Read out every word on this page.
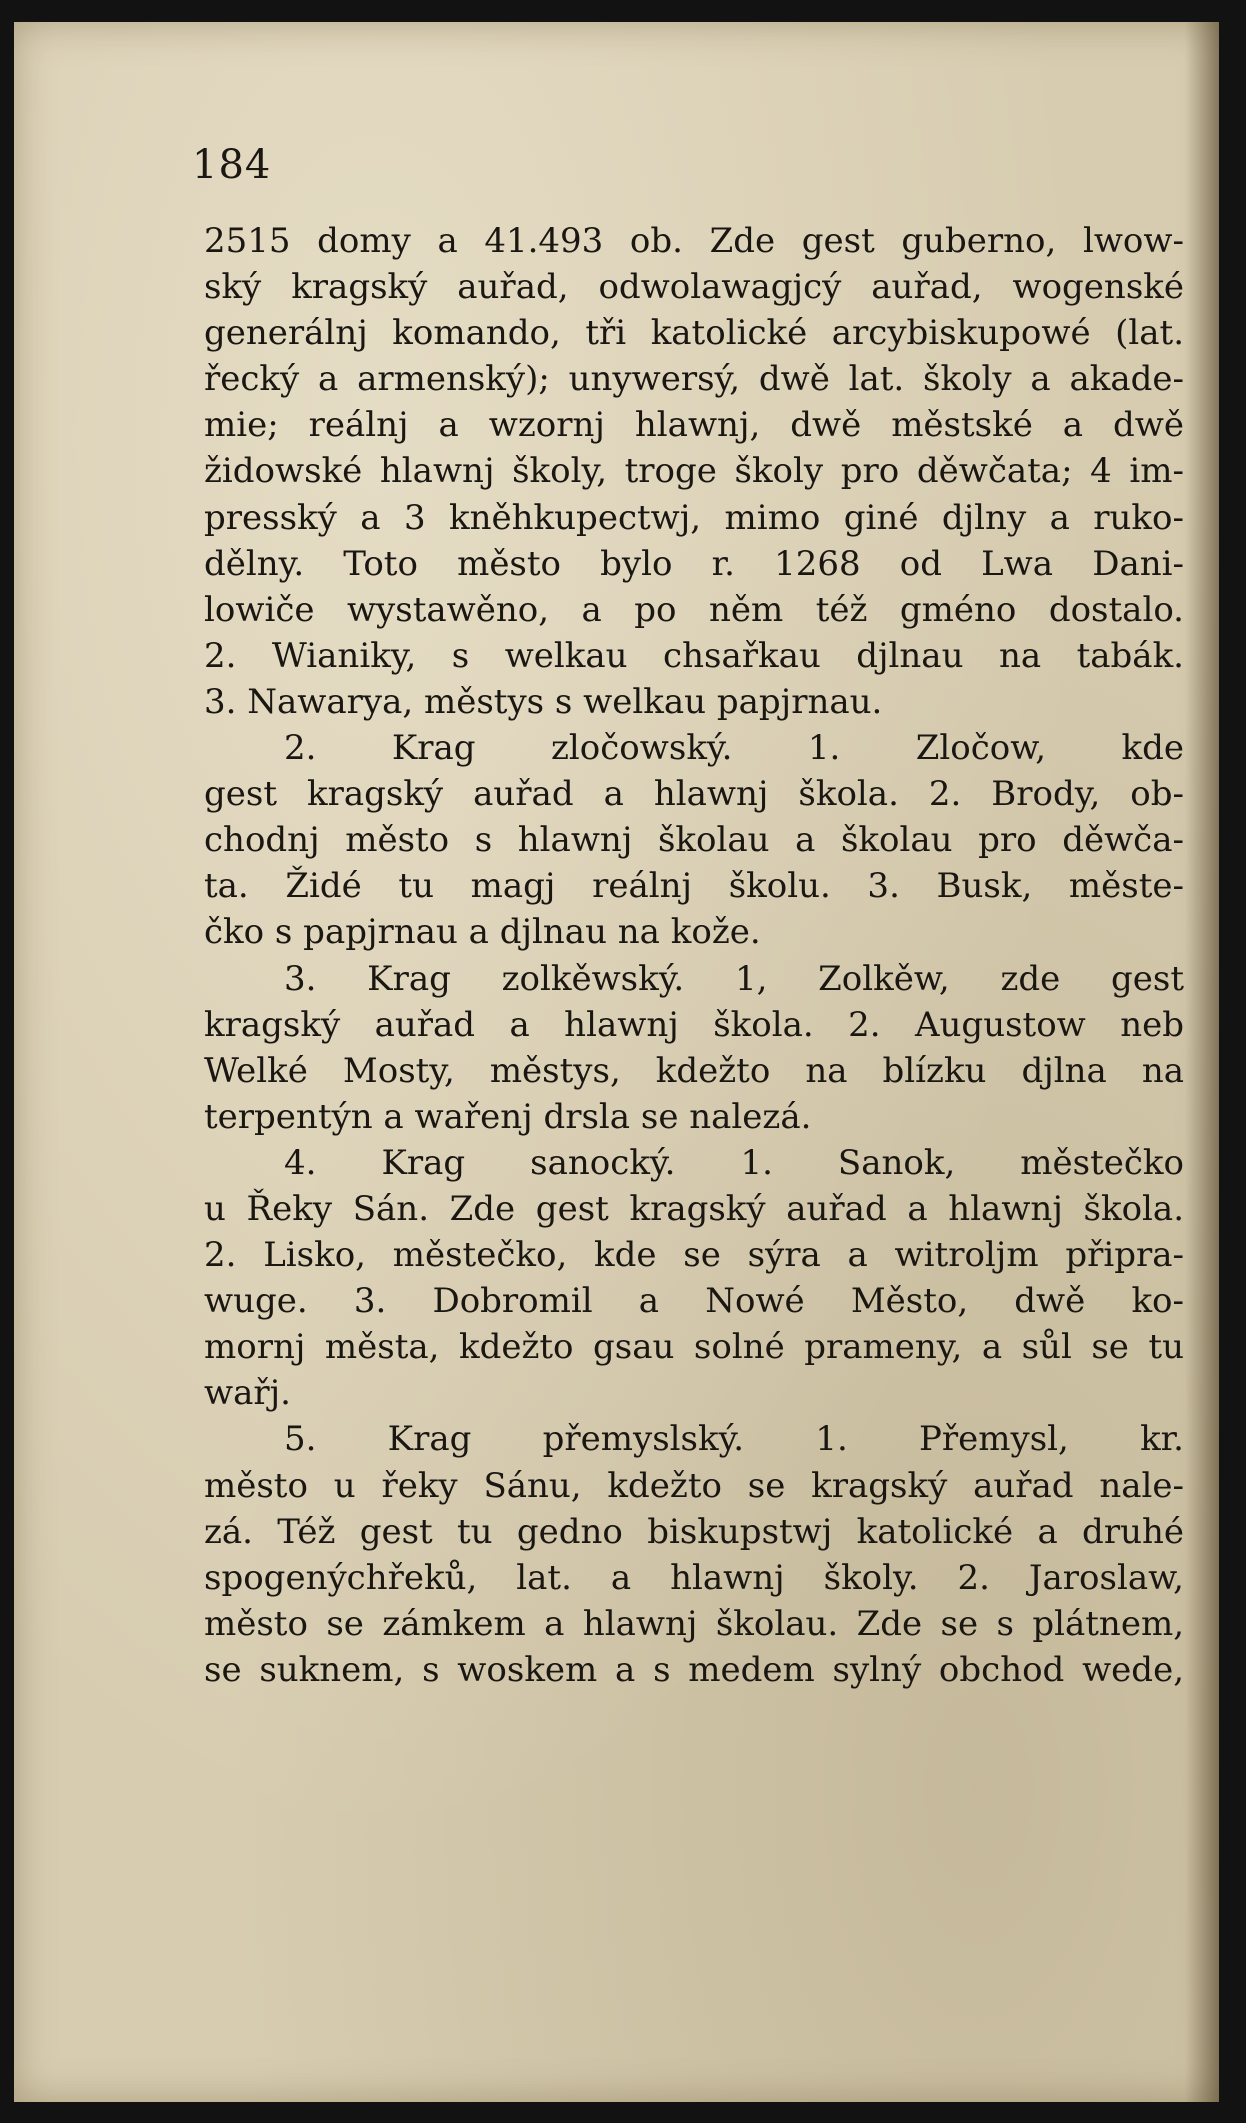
184
2515 domy a 41.493 ob. Zde gest guberno, lwow-
ský kragský auřad, odwolawagjcý auřad, wogenské
generálnj komando, tři katolické arcybiskupowé (lat.
řecký a armenský); unywersý, dwě lat. školy a akade-
mie; reálnj a wzornj hlawnj, dwě městské a dwě
židowské hlawnj školy, troge školy pro děwčata; 4 im-
presský a 3 kněhkupectwj, mimo giné djlny a ruko-
dělny. Toto město bylo r. 1268 od Lwa Dani-
lowiče wystawěno, a po něm též gméno dostalo.
2. Wianiky, s welkau chsařkau djlnau na tabák.
3. Nawarya, městys s welkau papjrnau.
2. Krag zločowský. 1. Zločow, kde
gest kragský auřad a hlawnj škola. 2. Brody, ob-
chodnj město s hlawnj školau a školau pro děwča-
ta. Židé tu magj reálnj školu. 3. Busk, měste-
čko s papjrnau a djlnau na kože.
3. Krag zolkěwský. 1, Zolkěw, zde gest
kragský auřad a hlawnj škola. 2. Augustow neb
Welké Mosty, městys, kdežto na blízku djlna na
terpentýn a wařenj drsla se nalezá.
4. Krag sanocký. 1. Sanok, městečko
u Řeky Sán. Zde gest kragský auřad a hlawnj škola.
2. Lisko, městečko, kde se sýra a witroljm připra-
wuge. 3. Dobromil a Nowé Město, dwě ko-
mornj města, kdežto gsau solné prameny, a sůl se tu
wařj.
5. Krag přemyslský. 1. Přemysl, kr.
město u řeky Sánu, kdežto se kragský auřad nale-
zá. Též gest tu gedno biskupstwj katolické a druhé
spogenýchřeků, lat. a hlawnj školy. 2. Jaroslaw,
město se zámkem a hlawnj školau. Zde se s plátnem,
se suknem, s woskem a s medem sylný obchod wede,
